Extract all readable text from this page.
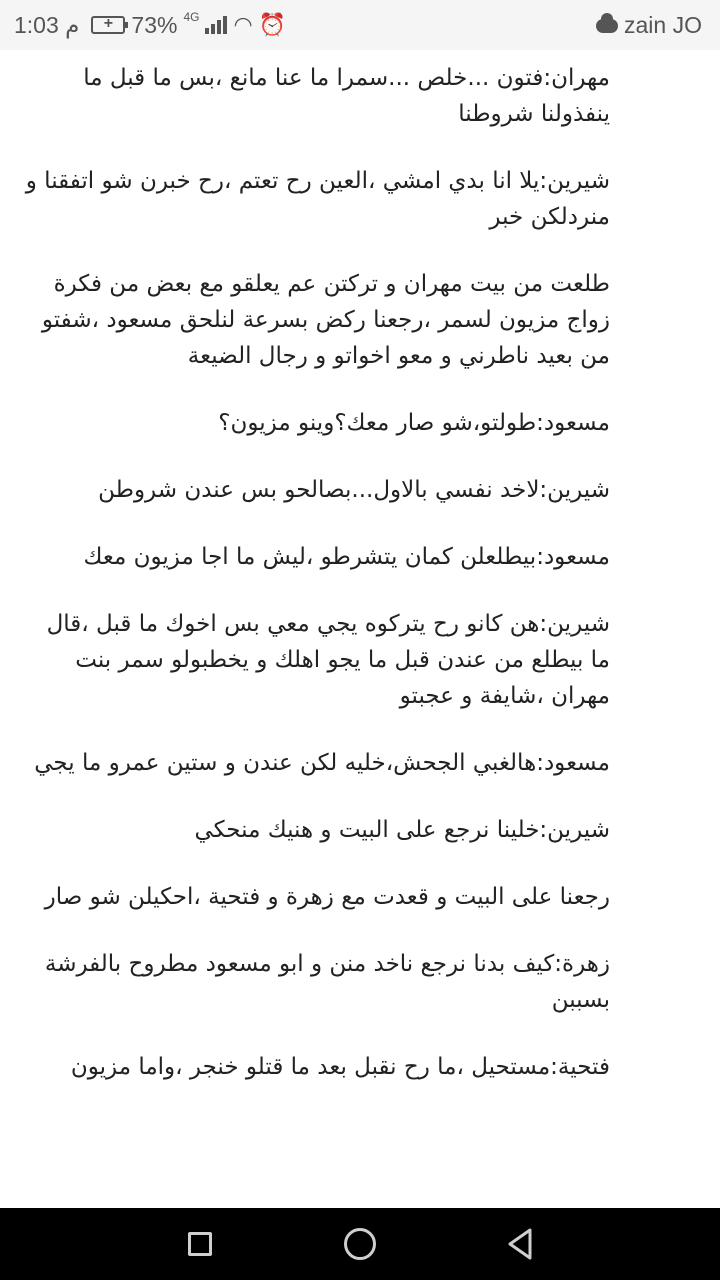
1:03 م	+ 73% 4G ◠ ⏰	zain JO

مهران:فتون ...خلص ...سمرا ما عنا مانع ،بس ما قبل ما ينفذولنا شروطنا

شيرين:يلا انا بدي امشي ،العين رح تعتم ،رح خبرن شو اتفقنا و منردلكن خبر

طلعت من بيت مهران و تركتن عم يعلقو مع بعض من فكرة زواج مزيون لسمر ،رجعنا ركض بسرعة لنلحق مسعود ،شفتو من بعيد ناطرني و معو اخواتو و رجال الضيعة

مسعود:طولتو،شو صار معك؟وينو مزيون؟

شيرين:لاخد نفسي بالاول...بصالحو بس عندن شروطن

مسعود:بيطلعلن كمان يتشرطو ،ليش ما اجا مزيون معك

شيرين:هن كانو رح يتركوه يجي معي بس اخوك ما قبل ،قال ما بيطلع من عندن قبل ما يجو اهلك و يخطبولو سمر بنت مهران ،شايفة و عجبتو

مسعود:هالغبي الجحش،خليه لكن عندن و ستين عمرو ما يجي

شيرين:خلينا نرجع على البيت و هنيك منحكي

رجعنا على البيت و قعدت مع زهرة و فتحية ،احكيلن شو صار

زهرة:كيف بدنا نرجع ناخد منن و ابو مسعود مطروح بالفرشة بسببن

فتحية:مستحيل ،ما رح نقبل بعد ما قتلو خنجر ،واما مزيون
